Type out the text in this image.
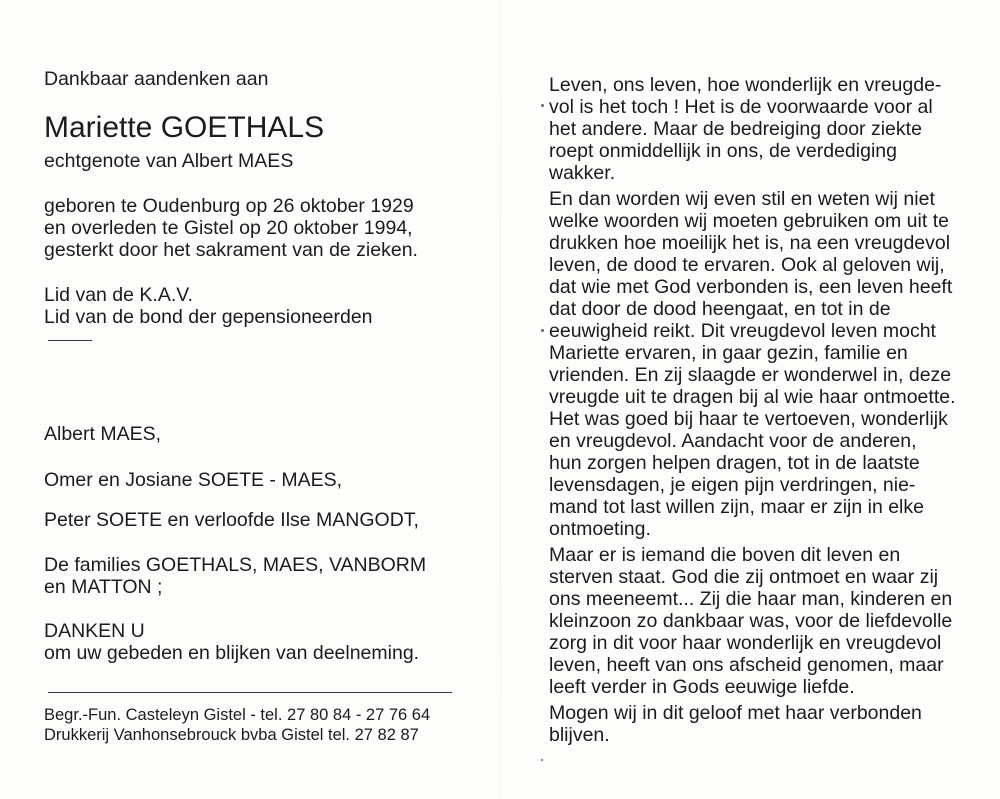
Dankbaar aandenken aan
Mariette GOETHALS
echtgenote van Albert MAES
geboren te Oudenburg op 26 oktober 1929
en overleden te Gistel op 20 oktober 1994,
gesterkt door het sakrament van de zieken.
Lid van de K.A.V.
Lid van de bond der gepensioneerden
Albert MAES,
Omer en Josiane SOETE - MAES,
Peter SOETE en verloofde Ilse MANGODT,
De families GOETHALS, MAES, VANBORM
en MATTON ;
DANKEN U
om uw gebeden en blijken van deelneming.
Begr.-Fun. Casteleyn Gistel - tel. 27 80 84 - 27 76 64
Drukkerij Vanhonsebrouck bvba Gistel tel. 27 82 87
Leven, ons leven, hoe wonderlijk en vreugde-
vol is het toch ! Het is de voorwaarde voor al
het andere. Maar de bedreiging door ziekte
roept onmiddellijk in ons, de verdediging
wakker.
En dan worden wij even stil en weten wij niet
welke woorden wij moeten gebruiken om uit te
drukken hoe moeilijk het is, na een vreugdevol
leven, de dood te ervaren. Ook al geloven wij,
dat wie met God verbonden is, een leven heeft
dat door de dood heengaat, en tot in de
eeuwigheid reikt. Dit vreugdevol leven mocht
Mariette ervaren, in gaar gezin, familie en
vrienden. En zij slaagde er wonderwel in, deze
vreugde uit te dragen bij al wie haar ontmoette.
Het was goed bij haar te vertoeven, wonderlijk
en vreugdevol. Aandacht voor de anderen,
hun zorgen helpen dragen, tot in de laatste
levensdagen, je eigen pijn verdringen, nie-
mand tot last willen zijn, maar er zijn in elke
ontmoeting.
Maar er is iemand die boven dit leven en
sterven staat. God die zij ontmoet en waar zij
ons meeneemt... Zij die haar man, kinderen en
kleinzoon zo dankbaar was, voor de liefdevolle
zorg in dit voor haar wonderlijk en vreugdevol
leven, heeft van ons afscheid genomen, maar
leeft verder in Gods eeuwige liefde.
Mogen wij in dit geloof met haar verbonden
blijven.
